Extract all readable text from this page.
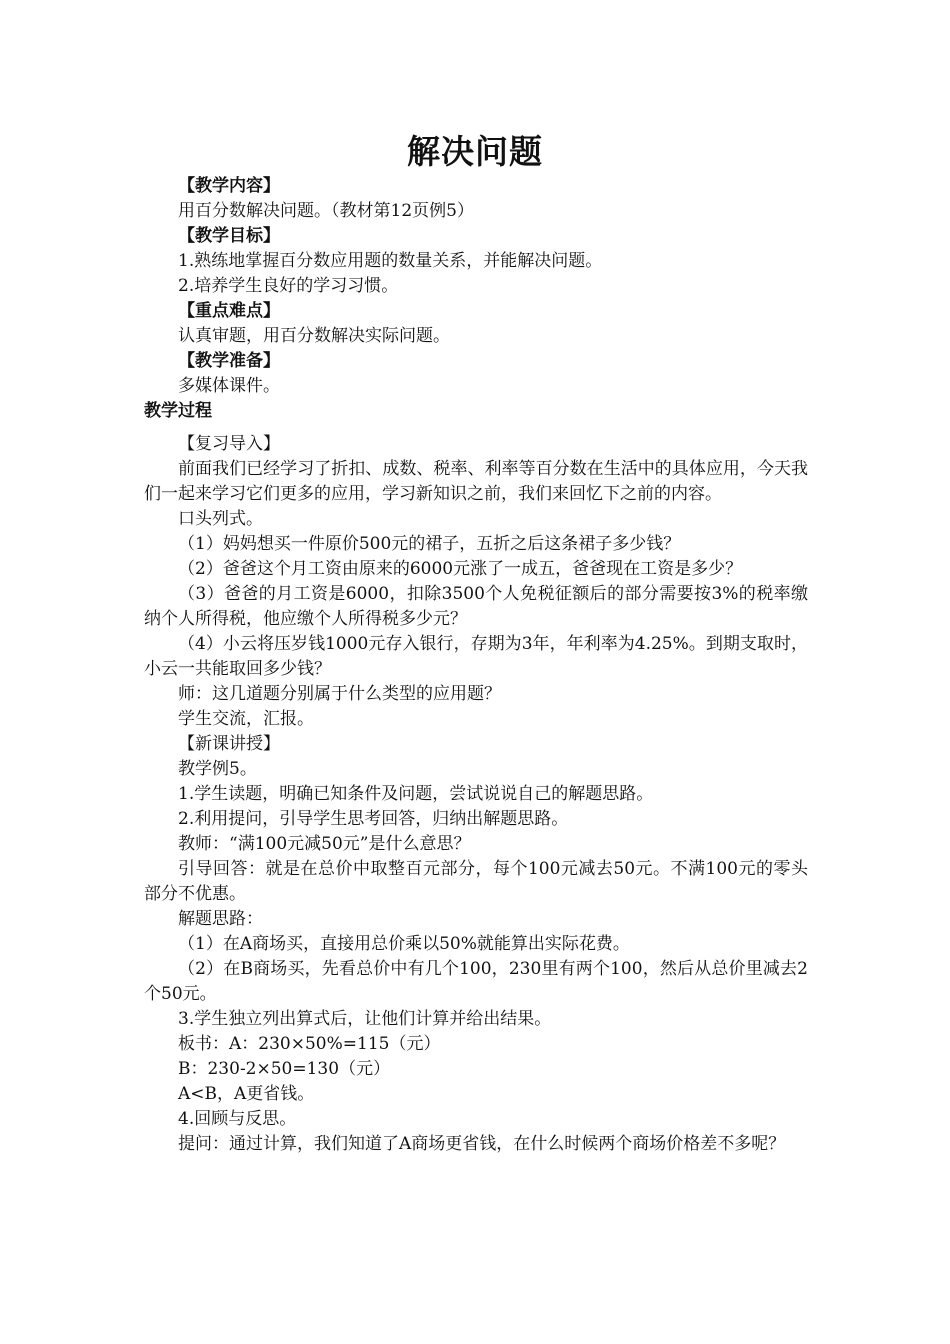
解决问题

【教学内容】

用百分数解决问题。（教材第12页例5）

【教学目标】

1.熟练地掌握百分数应用题的数量关系，并能解决问题。

2.培养学生良好的学习习惯。

【重点难点】

认真审题，用百分数解决实际问题。

【教学准备】

多媒体课件。

教学过程

【复习导入】

前面我们已经学习了折扣、成数、税率、利率等百分数在生活中的具体应用，今天我们一起来学习它们更多的应用，学习新知识之前，我们来回忆下之前的内容。

口头列式。

（1）妈妈想买一件原价500元的裙子，五折之后这条裙子多少钱？

（2）爸爸这个月工资由原来的6000元涨了一成五，爸爸现在工资是多少？

（3）爸爸的月工资是6000，扣除3500个人免税征额后的部分需要按3%的税率缴纳个人所得税，他应缴个人所得税多少元？

（4）小云将压岁钱1000元存入银行，存期为3年，年利率为4.25%。到期支取时，小云一共能取回多少钱？

师：这几道题分别属于什么类型的应用题？

学生交流，汇报。

【新课讲授】

教学例5。

1.学生读题，明确已知条件及问题，尝试说说自己的解题思路。

2.利用提问，引导学生思考回答，归纳出解题思路。

教师：“满100元减50元”是什么意思？

引导回答：就是在总价中取整百元部分，每个100元减去50元。不满100元的零头部分不优惠。

解题思路：

（1）在A商场买，直接用总价乘以50%就能算出实际花费。

（2）在B商场买，先看总价中有几个100，230里有两个100，然后从总价里减去2个50元。

3.学生独立列出算式后，让他们计算并给出结果。

板书：A：230×50%=115（元）

B：230-2×50=130（元）

A<B，A更省钱。

4.回顾与反思。

提问：通过计算，我们知道了A商场更省钱，在什么时候两个商场价格差不多呢？
